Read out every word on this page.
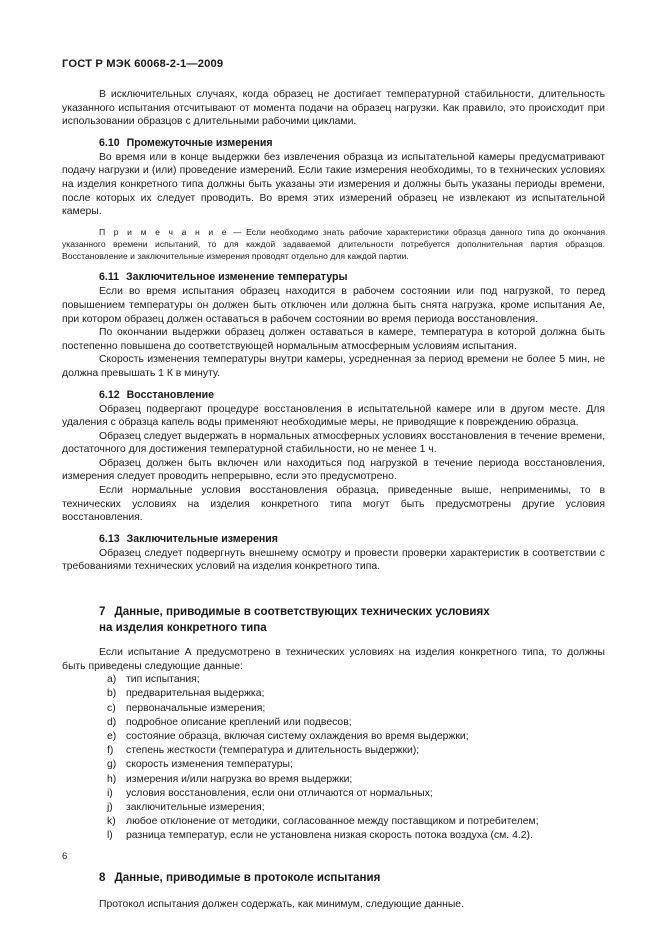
ГОСТ Р МЭК 60068-2-1—2009

В исключительных случаях, когда образец не достигает температурной стабильности, длительность указанного испытания отсчитывают от момента подачи на образец нагрузки. Как правило, это происходит при использовании образцов с длительными рабочими циклами.

6.10 Промежуточные измерения

Во время или в конце выдержки без извлечения образца из испытательной камеры предусматривают подачу нагрузки и (или) проведение измерений. Если такие измерения необходимы, то в технических условиях на изделия конкретного типа должны быть указаны эти измерения и должны быть указаны периоды времени, после которых их следует проводить. Во время этих измерений образец не извлекают из испытательной камеры.

П р и м е ч а н и е — Если необходимо знать рабочие характеристики образца данного типа до окончания указанного времени испытаний, то для каждой задаваемой длительности потребуется дополнительная партия образцов. Восстановление и заключительные измерения проводят отдельно для каждой партии.

6.11 Заключительное изменение температуры

Если во время испытания образец находится в рабочем состоянии или под нагрузкой, то перед повышением температуры он должен быть отключен или должна быть снята нагрузка, кроме испытания Ae, при котором образец должен оставаться в рабочем состоянии во время периода восстановления.

По окончании выдержки образец должен оставаться в камере, температура в которой должна быть постепенно повышена до соответствующей нормальным атмосферным условиям испытания.

Скорость изменения температуры внутри камеры, усредненная за период времени не более 5 мин, не должна превышать 1 К в минуту.

6.12 Восстановление

Образец подвергают процедуре восстановления в испытательной камере или в другом месте. Для удаления с образца капель воды применяют необходимые меры, не приводящие к повреждению образца.

Образец следует выдержать в нормальных атмосферных условиях восстановления в течение времени, достаточного для достижения температурной стабильности, но не менее 1 ч.

Образец должен быть включен или находиться под нагрузкой в течение периода восстановления, измерения следует проводить непрерывно, если это предусмотрено.

Если нормальные условия восстановления образца, приведенные выше, неприменимы, то в технических условиях на изделия конкретного типа могут быть предусмотрены другие условия восстановления.

6.13 Заключительные измерения

Образец следует подвергнуть внешнему осмотру и провести проверки характеристик в соответствии с требованиями технических условий на изделия конкретного типа.

7 Данные, приводимые в соответствующих технических условиях
на изделия конкретного типа

Если испытание А предусмотрено в технических условиях на изделия конкретного типа, то должны быть приведены следующие данные:

a) тип испытания;
b) предварительная выдержка;
c) первоначальные измерения;
d) подробное описание креплений или подвесов;
e) состояние образца, включая систему охлаждения во время выдержки;
f)	степень жесткости (температура и длительность выдержки);
g) скорость изменения температуры;
h) измерения и/или нагрузка во время выдержки;
i)	условия восстановления, если они отличаются от нормальных;
j)	заключительные измерения;
k) любое отклонение от методики, согласованное между поставщиком и потребителем;
l)	разница температур, если не установлена низкая скорость потока воздуха (см. 4.2).
8 Данные, приводимые в протоколе испытания

Протокол испытания должен содержать, как минимум, следующие данные.

6
